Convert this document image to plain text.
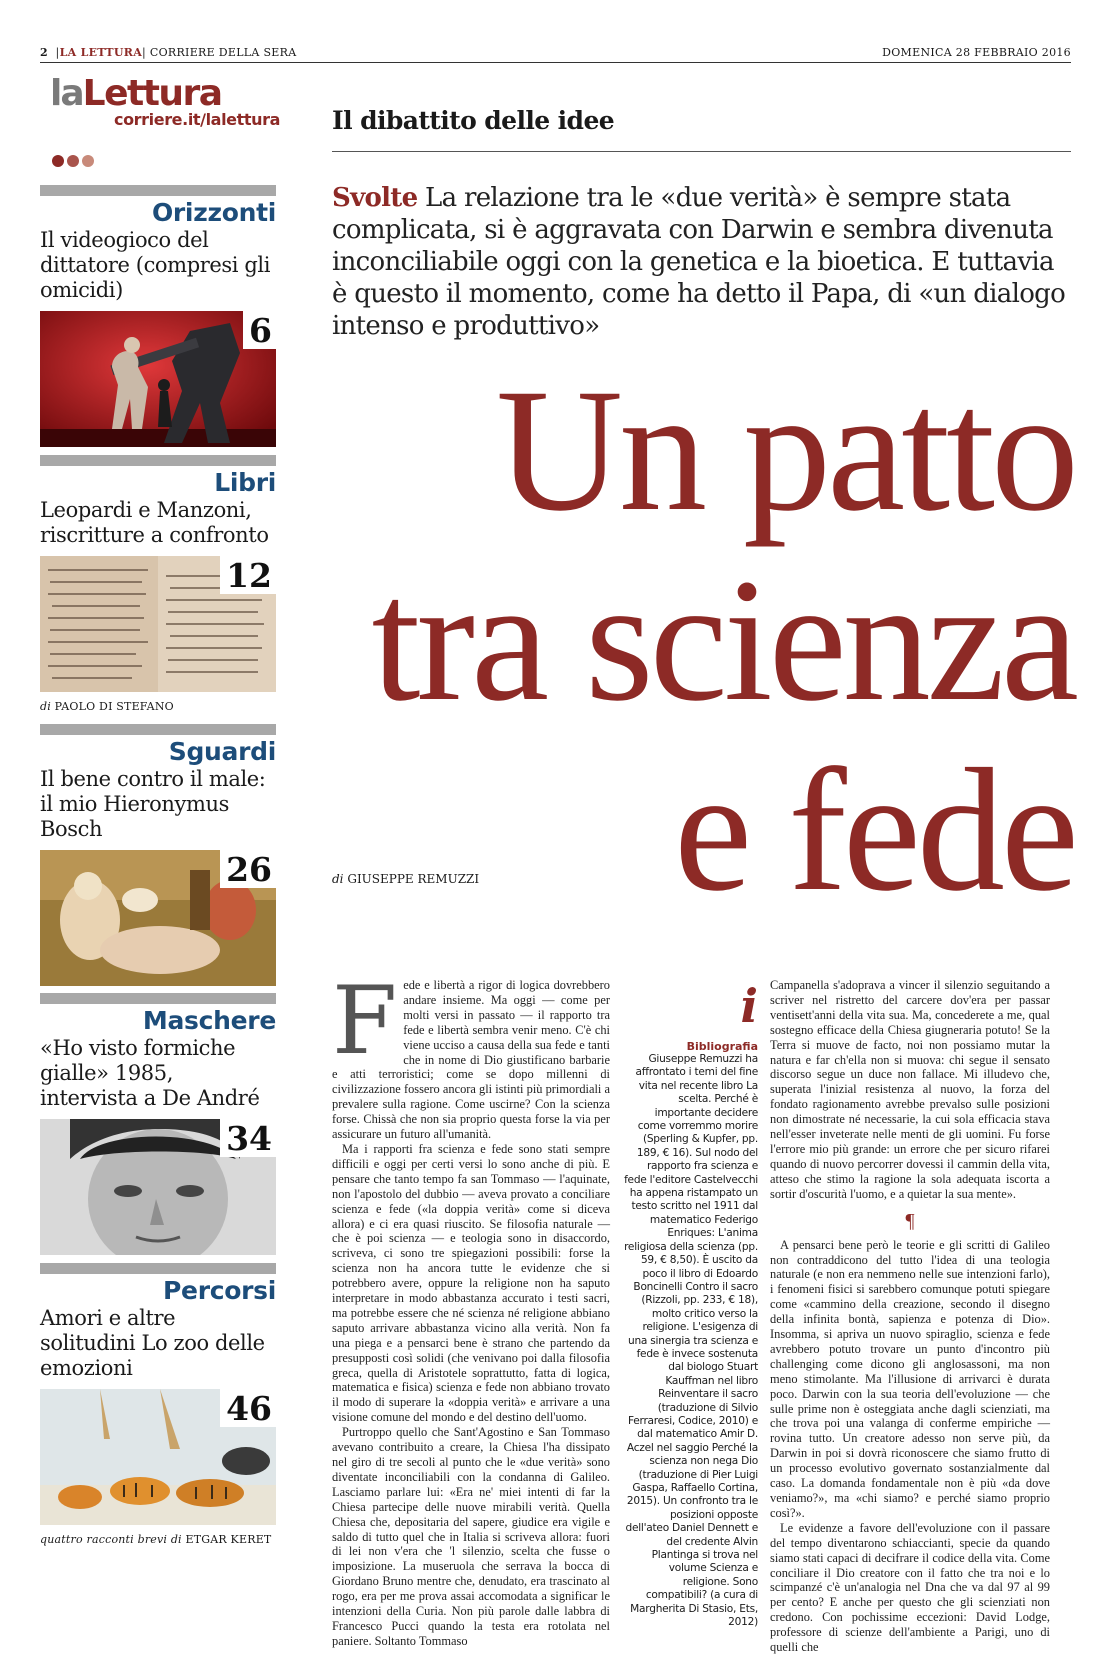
2  |LA LETTURA| CORRIERE DELLA SERA	DOMENICA 28 FEBBRAIO 2016
laLettura
corriere.it/lalettura
Orizzonti
Il videogioco del dittatore (compresi gli omicidi)
6
Libri
Leopardi e Manzoni, riscritture a confronto
12
di PAOLO DI STEFANO
Sguardi
Il bene contro il male: il mio Hieronymus Bosch
26
Maschere
«Ho visto formiche gialle» 1985, intervista a De André
34
Percorsi
Amori e altre solitudini Lo zoo delle emozioni
46
quattro racconti brevi di ETGAR KERET
Il dibattito delle idee
Svolte La relazione tra le «due verità» è sempre stata complicata, si è aggravata con Darwin e sembra divenuta inconciliabile oggi con la genetica e la bioetica. E tuttavia è questo il momento, come ha detto il Papa, di «un dialogo intenso e produttivo»
Un patto
tra scienza
e fede
di GIUSEPPE REMUZZI

Fede e libertà a rigor di logica dovrebbero andare insieme. Ma oggi — come per molti versi in passato — il rapporto tra fede e libertà sembra venir meno. C'è chi viene ucciso a causa della sua fede e tanti che in nome di Dio giustificano barbarie e atti terroristici; come se dopo millenni di civilizzazione fossero ancora gli istinti più primordiali a prevalere sulla ragione. Come uscirne? Con la scienza forse. Chissà che non sia proprio questa forse la via per assicurare un futuro all'umanità.

Ma i rapporti fra scienza e fede sono stati sempre difficili e oggi per certi versi lo sono anche di più. E pensare che tanto tempo fa san Tommaso — l'aquinate, non l'apostolo del dubbio — aveva provato a conciliare scienza e fede («la doppia verità» come si diceva allora) e ci era quasi riuscito. Se filosofia naturale — che è poi scienza — e teologia sono in disaccordo, scriveva, ci sono tre spiegazioni possibili: forse la scienza non ha ancora tutte le evidenze che si potrebbero avere, oppure la religione non ha saputo interpretare in modo abbastanza accurato i testi sacri, ma potrebbe essere che né scienza né religione abbiano saputo arrivare abbastanza vicino alla verità. Non fa una piega e a pensarci bene è strano che partendo da presupposti così solidi (che venivano poi dalla filosofia greca, quella di Aristotele soprattutto, fatta di logica, matematica e fisica) scienza e fede non abbiano trovato il modo di superare la «doppia verità» e arrivare a una visione comune del mondo e del destino dell'uomo.

Purtroppo quello che Sant'Agostino e San Tommaso avevano contribuito a creare, la Chiesa l'ha dissipato nel giro di tre secoli al punto che le «due verità» sono diventate inconciliabili con la condanna di Galileo. Lasciamo parlare lui: «Era ne' miei intenti di far la Chiesa partecipe delle nuove mirabili verità. Quella Chiesa che, depositaria del sapere, giudice era vigile e saldo di tutto quel che in Italia si scriveva allora: fuori di lei non v'era che 'l silenzio, scelta che fusse o imposizione. La museruola che serrava la bocca di Giordano Bruno mentre che, denudato, era trascinato al rogo, era per me prova assai accomodata a significar le intenzioni della Curia. Non più parole dalle labbra di Francesco Pucci quando la testa era rotolata nel paniere. Soltanto Tommaso

i
Bibliografia
Giuseppe Remuzzi ha affrontato i temi del fine vita nel recente libro La scelta. Perché è importante decidere come vorremmo morire (Sperling & Kupfer, pp. 189, € 16). Sul nodo del rapporto fra scienza e fede l'editore Castelvecchi ha appena ristampato un testo scritto nel 1911 dal matematico Federigo Enriques: L'anima religiosa della scienza (pp. 59, € 8,50). È uscito da poco il libro di Edoardo Boncinelli Contro il sacro (Rizzoli, pp. 233, € 18), molto critico verso la religione. L'esigenza di una sinergia tra scienza e fede è invece sostenuta dal biologo Stuart Kauffman nel libro Reinventare il sacro (traduzione di Silvio Ferraresi, Codice, 2010) e dal matematico Amir D. Aczel nel saggio Perché la scienza non nega Dio (traduzione di Pier Luigi Gaspa, Raffaello Cortina, 2015). Un confronto tra le posizioni opposte dell'ateo Daniel Dennett e del credente Alvin Plantinga si trova nel volume Scienza e religione. Sono compatibili? (a cura di Margherita Di Stasio, Ets, 2012)

Campanella s'adoprava a vincer il silenzio seguitando a scriver nel ristretto del carcere dov'era per passar ventisett'anni della vita sua. Ma, concederete a me, qual sostegno efficace della Chiesa giugneraria potuto! Se la Terra si muove de facto, noi non possiamo mutar la natura e far ch'ella non si muova: chi segue il sensato discorso segue un duce non fallace. Mi illudevo che, superata l'inizial resistenza al nuovo, la forza del fondato ragionamento avrebbe prevalso sulle posizioni non dimostrate né necessarie, la cui sola efficacia stava nell'esser inveterate nelle menti de gli uomini. Fu forse l'errore mio più grande: un errore che per sicuro rifarei quando di nuovo percorrer dovessi il cammin della vita, atteso che stimo la ragione la sola adequata iscorta a sortir d'oscurità l'uomo, e a quietar la sua mente».

¶

A pensarci bene però le teorie e gli scritti di Galileo non contraddicono del tutto l'idea di una teologia naturale (e non era nemmeno nelle sue intenzioni farlo), i fenomeni fisici si sarebbero comunque potuti spiegare come «cammino della creazione, secondo il disegno della infinita bontà, sapienza e potenza di Dio». Insomma, si apriva un nuovo spiraglio, scienza e fede avrebbero potuto trovare un punto d'incontro più challenging come dicono gli anglosassoni, ma non meno stimolante. Ma l'illusione di arrivarci è durata poco. Darwin con la sua teoria dell'evoluzione — che sulle prime non è osteggiata anche dagli scienziati, ma che trova poi una valanga di conferme empiriche — rovina tutto. Un creatore adesso non serve più, da Darwin in poi si dovrà riconoscere che siamo frutto di un processo evolutivo governato sostanzialmente dal caso. La domanda fondamentale non è più «da dove veniamo?», ma «chi siamo? e perché siamo proprio così?».

Le evidenze a favore dell'evoluzione con il passare del tempo diventarono schiaccianti, specie da quando siamo stati capaci di decifrare il codice della vita. Come conciliare il Dio creatore con il fatto che tra noi e lo scimpanzé c'è un'analogia nel Dna che va dal 97 al 99 per cento? E anche per questo che gli scienziati non credono. Con pochissime eccezioni: David Lodge, professore di scienze dell'ambiente a Parigi, uno di quelli che
